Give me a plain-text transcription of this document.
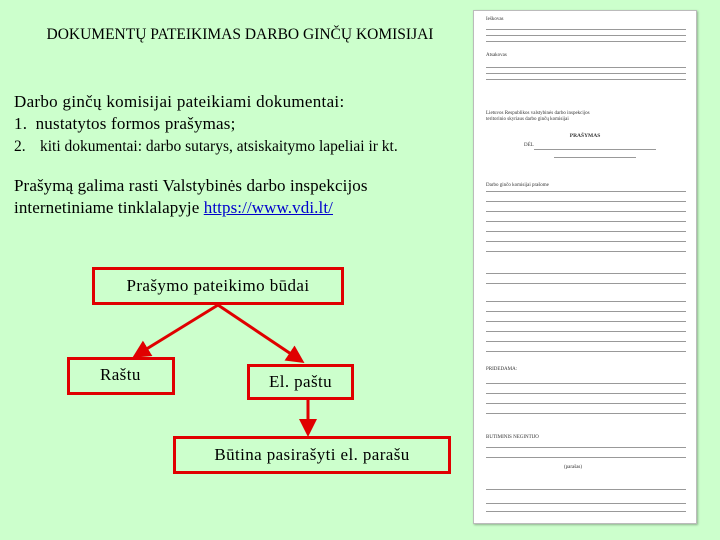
DOKUMENTŲ PATEIKIMAS DARBO GINČŲ KOMISIJAI
Darbo ginčų komisijai pateikiami dokumentai:
1. nustatytos formos prašymas;
2. kiti dokumentai: darbo sutarys, atsiskaitymo lapeliai ir kt.
Prašymą galima rasti Valstybinės darbo inspekcijos internetiniame tinklalapyje https://www.vdi.lt/
Prašymo pateikimo būdai
Raštu	El. paštu
Būtina pasirašyti el. parašu
Ieškovas
Atsakovas
Lietuvos Respublikos valstybinės darbo inspekcijos
teritorinio skyriaus darbo ginčų komisijai
PRAŠYMAS
DĖL
Darbo ginčo komisijai prašome
PRIDEDAMA:
BUTIMINIS NEGINTIJO
(parašas)
